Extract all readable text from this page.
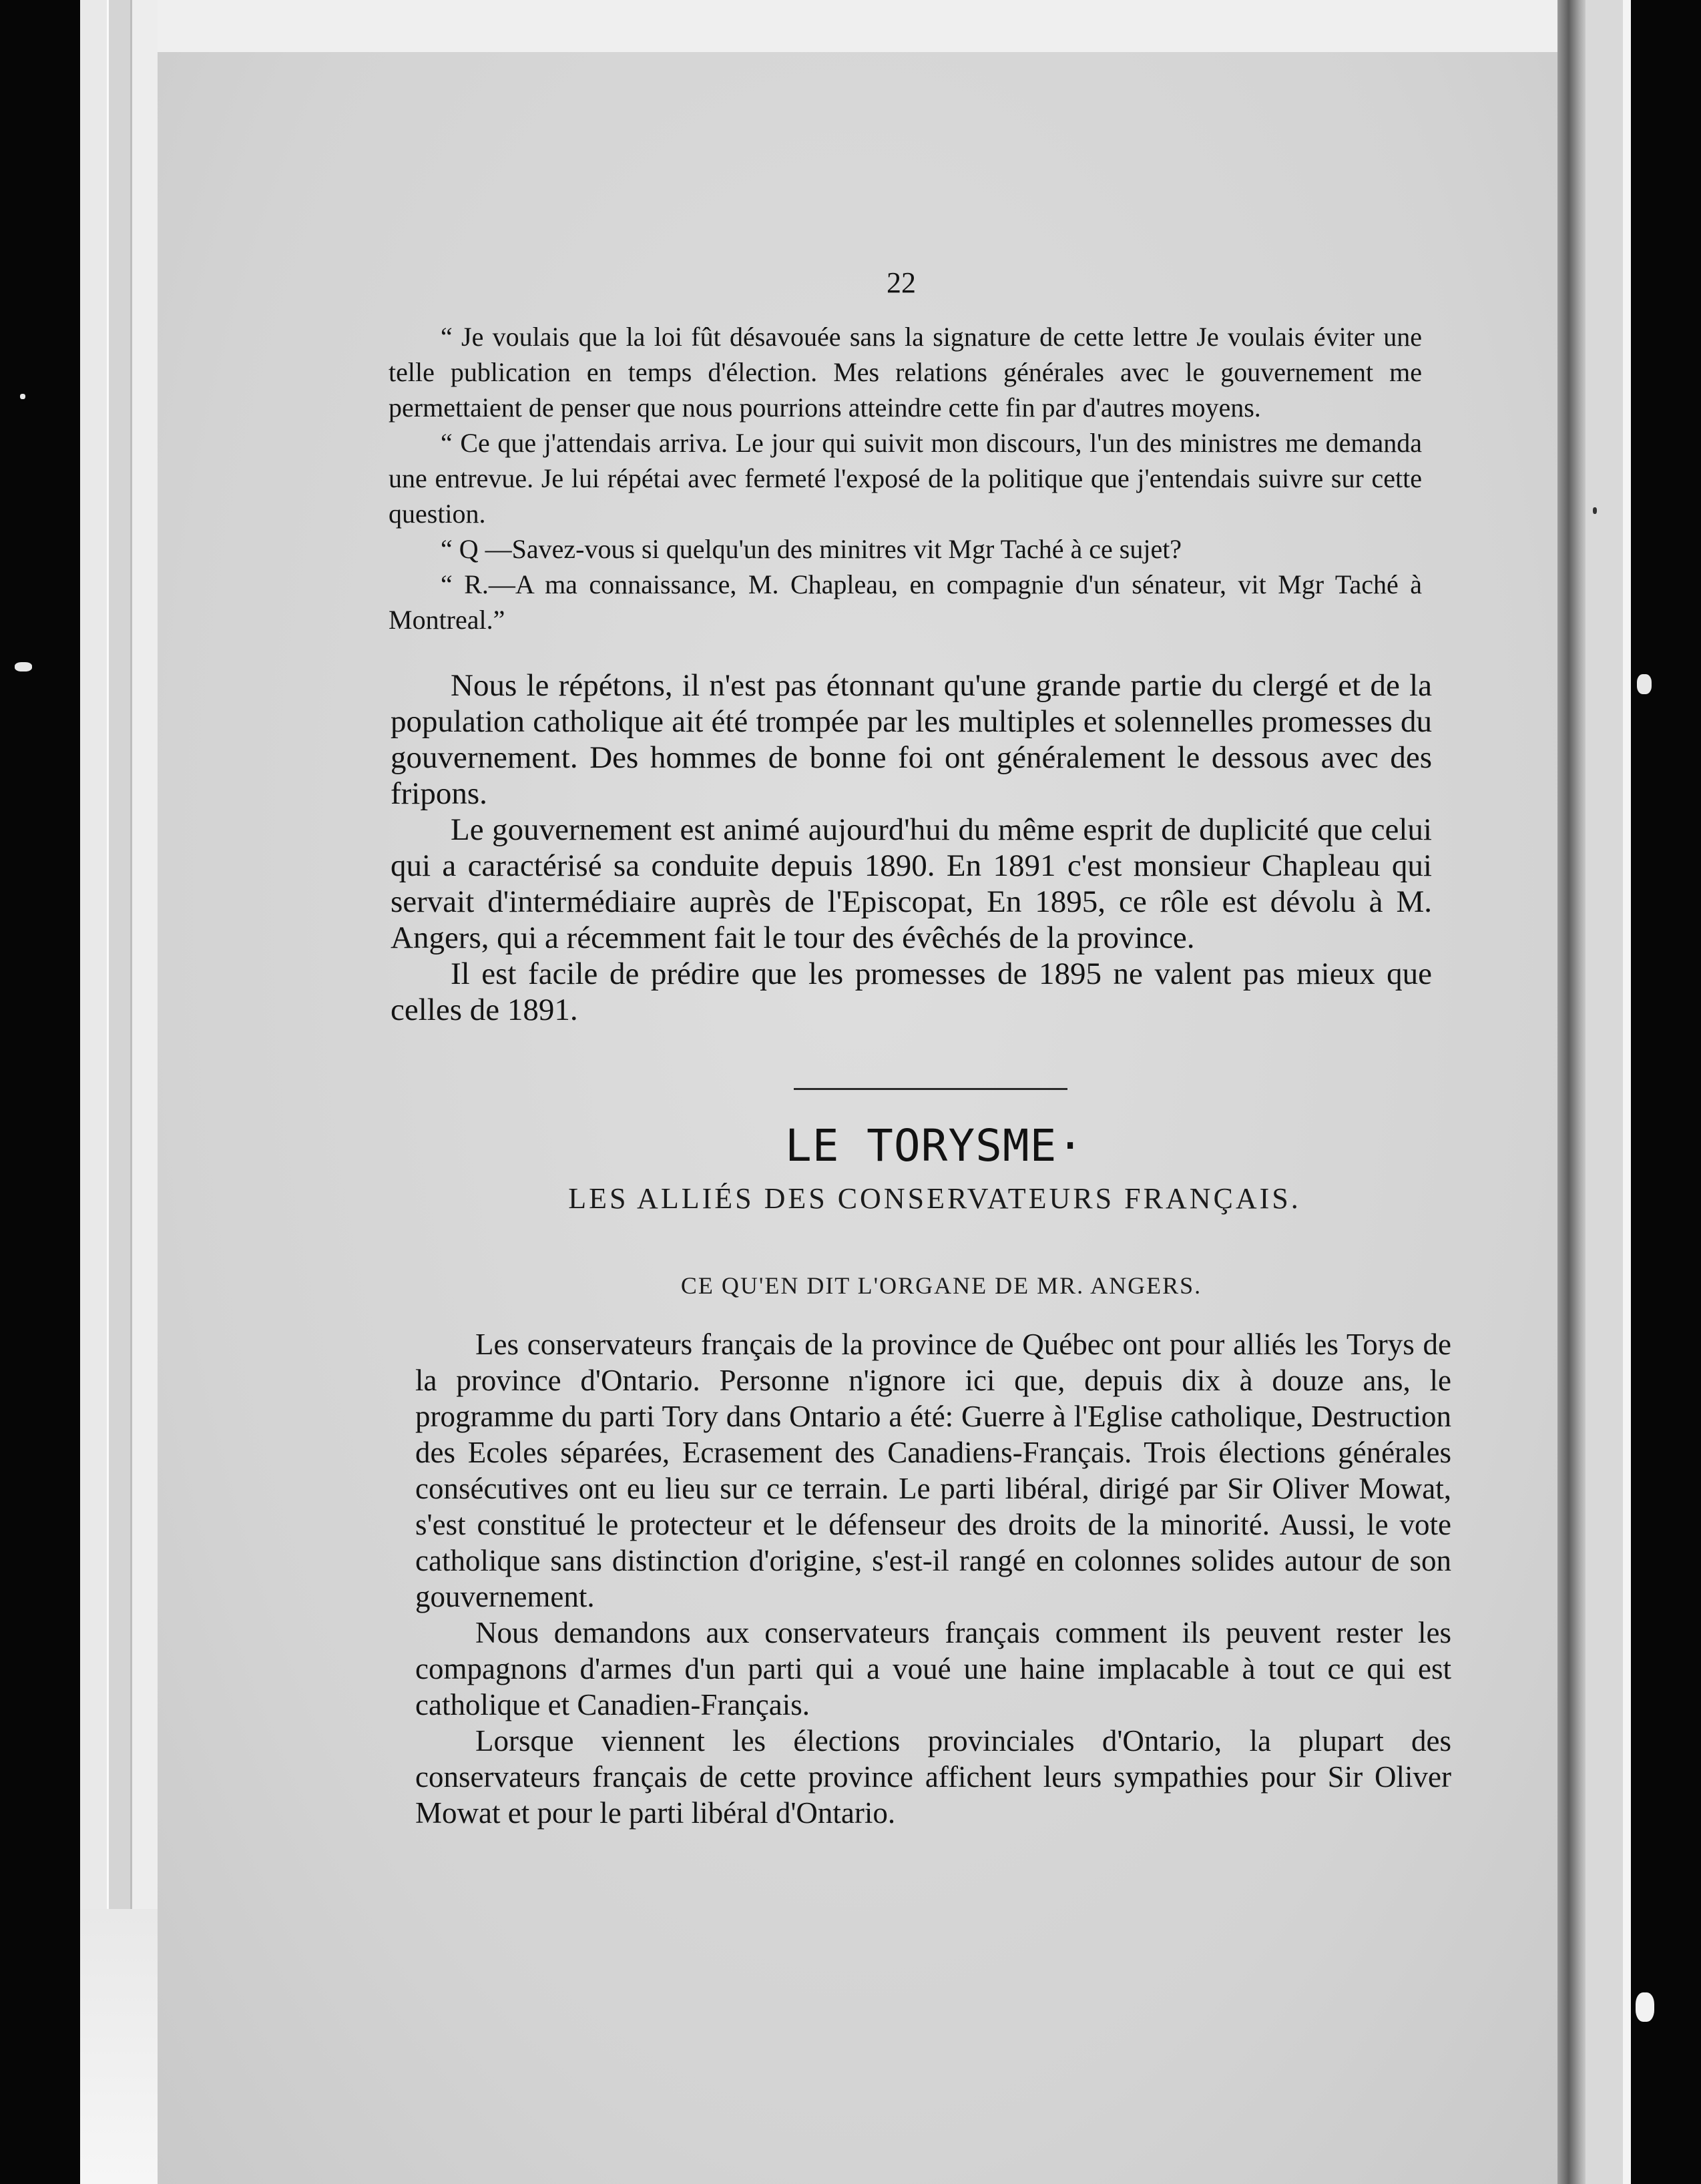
22

“ Je voulais que la loi fût désavouée sans la signature de cette lettre Je voulais éviter une telle publication en temps d'élection. Mes relations générales avec le gouvernement me permettaient de penser que nous pourrions atteindre cette fin par d'autres moyens.

“ Ce que j'attendais arriva. Le jour qui suivit mon discours, l'un des ministres me demanda une entrevue. Je lui répétai avec fermeté l'exposé de la politique que j'entendais suivre sur cette question.

“ Q —Savez-vous si quelqu'un des minitres vit Mgr Taché à ce sujet?

“ R.—A ma connaissance, M. Chapleau, en compagnie d'un sénateur, vit Mgr Taché à Montreal.”

Nous le répétons, il n'est pas étonnant qu'une grande partie du clergé et de la population catholique ait été trompée par les multiples et solennelles promesses du gouvernement. Des hommes de bonne foi ont généralement le dessous avec des fripons.

Le gouvernement est animé aujourd'hui du même esprit de duplicité que celui qui a caractérisé sa conduite depuis 1890. En 1891 c'est monsieur Chapleau qui servait d'intermédiaire auprès de l'Episcopat, En 1895, ce rôle est dévolu à M. Angers, qui a récemment fait le tour des évêchés de la province.

Il est facile de prédire que les promesses de 1895 ne valent pas mieux que celles de 1891.

LE TORYSME·
LES ALLIÉS DES CONSERVATEURS FRANÇAIS.
CE QU'EN DIT L'ORGANE DE MR. ANGERS.

Les conservateurs français de la province de Québec ont pour alliés les Torys de la province d'Ontario. Personne n'ignore ici que, depuis dix à douze ans, le programme du parti Tory dans Ontario a été: Guerre à l'Eglise catholique, Destruction des Ecoles séparées, Ecrasement des Canadiens-Français. Trois élections générales consécutives ont eu lieu sur ce terrain. Le parti libéral, dirigé par Sir Oliver Mowat, s'est constitué le protecteur et le défenseur des droits de la minorité. Aussi, le vote catholique sans distinction d'origine, s'est-il rangé en colonnes solides autour de son gouvernement.

Nous demandons aux conservateurs français comment ils peuvent rester les compagnons d'armes d'un parti qui a voué une haine implacable à tout ce qui est catholique et Canadien-Français.

Lorsque viennent les élections provinciales d'Ontario, la plupart des conservateurs français de cette province affichent leurs sympathies pour Sir Oliver Mowat et pour le parti libéral d'Ontario.
